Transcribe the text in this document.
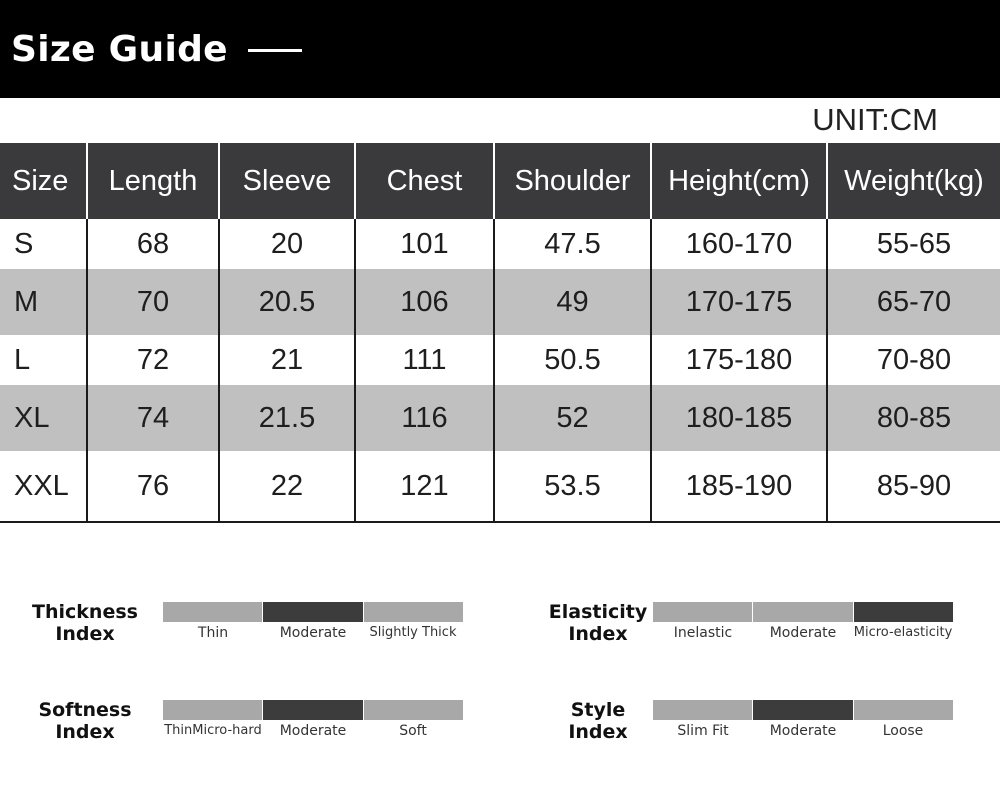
Size Guide
UNIT:CM
Size	Length	Sleeve	Chest	Shoulder	Height(cm)	Weight(kg)
S	68	20	101	47.5	160-170	55-65
M	70	20.5	106	49	170-175	65-70
L	72	21	111	50.5	175-180	70-80
XL	74	21.5	116	52	180-185	80-85
XXL	76	22	121	53.5	185-190	85-90
Thickness
Index	Thin	Moderate	Slightly Thick
Elasticity
Index	Inelastic	Moderate	Micro-elasticity
Softness
Index	ThinMicro-hard	Moderate	Soft
Style
Index	Slim Fit	Moderate	Loose
